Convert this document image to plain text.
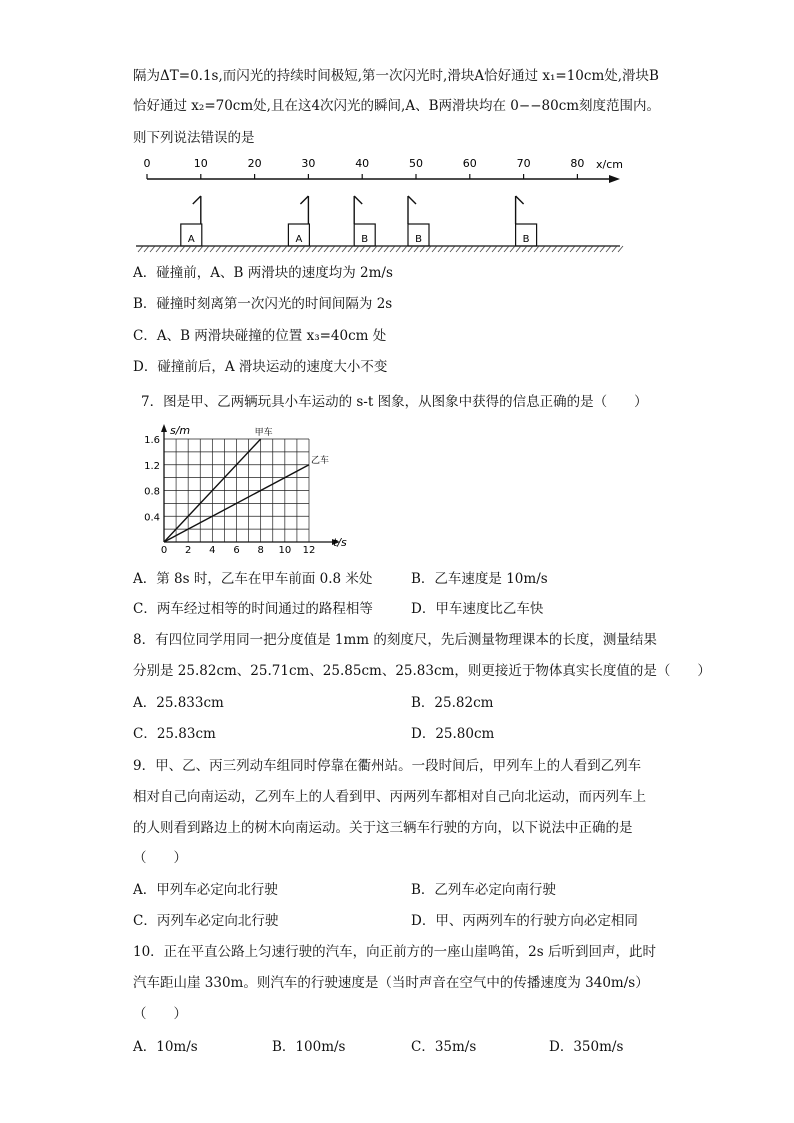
隔为ΔT=0.1s,而闪光的持续时间极短,第一次闪光时,滑块A恰好通过 x₁=10cm处,滑块B
恰好通过 x₂=70cm处,且在这4次闪光的瞬间,A、B两滑块均在 0−−80cm刻度范围内。
则下列说法错误的是
0	10	20	30	40	50	60	70	80 x/cm
A	A	B	B	B
A．碰撞前，A、B 两滑块的速度均为 2m/s
B．碰撞时刻离第一次闪光的时间间隔为 2s
C．A、B 两滑块碰撞的位置 x₃=40cm 处
D．碰撞前后，A 滑块运动的速度大小不变
7．图是甲、乙两辆玩具小车运动的 s-t 图象，从图象中获得的信息正确的是（　　）
s/m
t/s
0 2 4 6 8 10 12
0.4
0.8
1.2
1.6
甲车
乙车
A．第 8s 时，乙车在甲车前面 0.8 米处	B．乙车速度是 10m/s
C．两车经过相等的时间通过的路程相等	D．甲车速度比乙车快
8．有四位同学用同一把分度值是 1mm 的刻度尺，先后测量物理课本的长度，测量结果
分别是 25.82cm、25.71cm、25.85cm、25.83cm，则更接近于物体真实长度值的是（　　）
A．25.833cm	B．25.82cm
C．25.83cm	D．25.80cm
9．甲、乙、丙三列动车组同时停靠在衢州站。一段时间后，甲列车上的人看到乙列车
相对自己向南运动，乙列车上的人看到甲、丙两列车都相对自己向北运动，而丙列车上
的人则看到路边上的树木向南运动。关于这三辆车行驶的方向，以下说法中正确的是
（　　）
A．甲列车必定向北行驶	B．乙列车必定向南行驶
C．丙列车必定向北行驶	D．甲、丙两列车的行驶方向必定相同
10．正在平直公路上匀速行驶的汽车，向正前方的一座山崖鸣笛，2s 后听到回声，此时
汽车距山崖 330m。则汽车的行驶速度是（当时声音在空气中的传播速度为 340m/s）
（　　）
A．10m/s	B．100m/s	C．35m/s	D．350m/s
